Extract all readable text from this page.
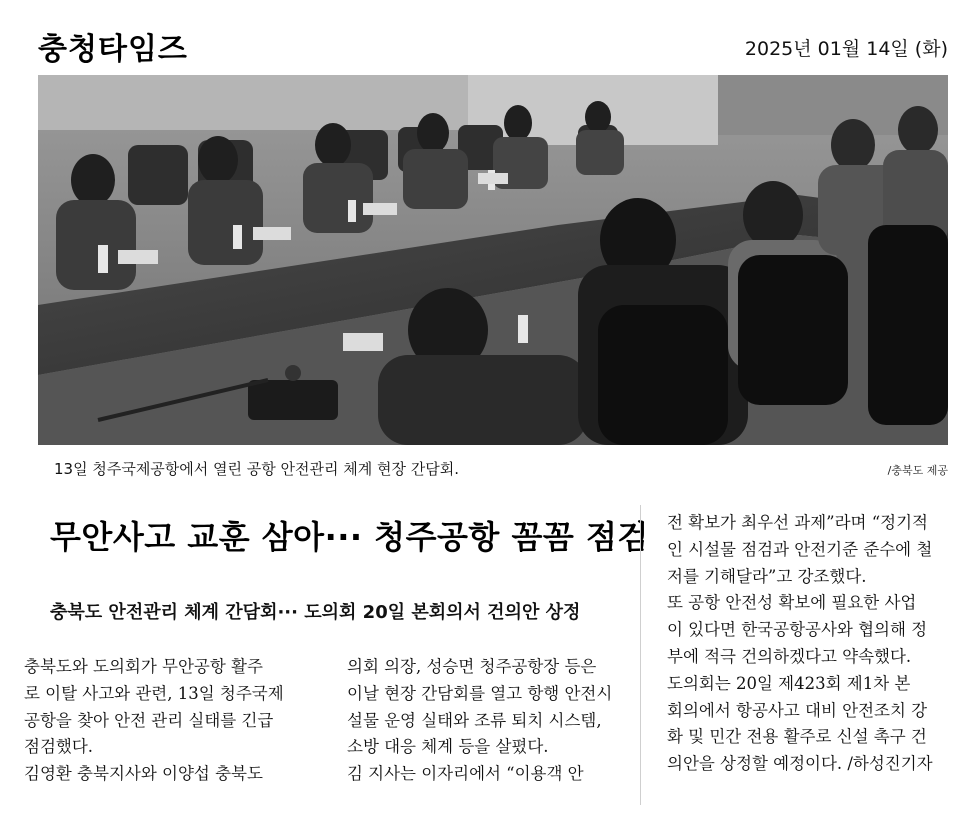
충청타임즈	2025년 01월 14일 (화)
13일 청주국제공항에서 열린 공항 안전관리 체계 현장 간담회.	/충북도 제공
무안사고 교훈 삼아··· 청주공항 꼼꼼 점검
충북도 안전관리 체계 간담회··· 도의회 20일 본회의서 건의안 상정
충북도와 도의회가 무안공항 활주
로 이탈 사고와 관련, 13일 청주국제
공항을 찾아 안전 관리 실태를 긴급
점검했다.
김영환 충북지사와 이양섭 충북도
의회 의장, 성승면 청주공항장 등은
이날 현장 간담회를 열고 항행 안전시
설물 운영 실태와 조류 퇴치 시스템,
소방 대응 체계 등을 살폈다.
김 지사는 이자리에서 “이용객 안
전 확보가 최우선 과제”라며 “정기적
인 시설물 점검과 안전기준 준수에 철
저를 기해달라”고 강조했다.
또 공항 안전성 확보에 필요한 사업
이 있다면 한국공항공사와 협의해 정
부에 적극 건의하겠다고 약속했다.
도의회는 20일 제423회 제1차 본
회의에서 항공사고 대비 안전조치 강
화 및 민간 전용 활주로 신설 촉구 건
의안을 상정할 예정이다. /하성진기자
